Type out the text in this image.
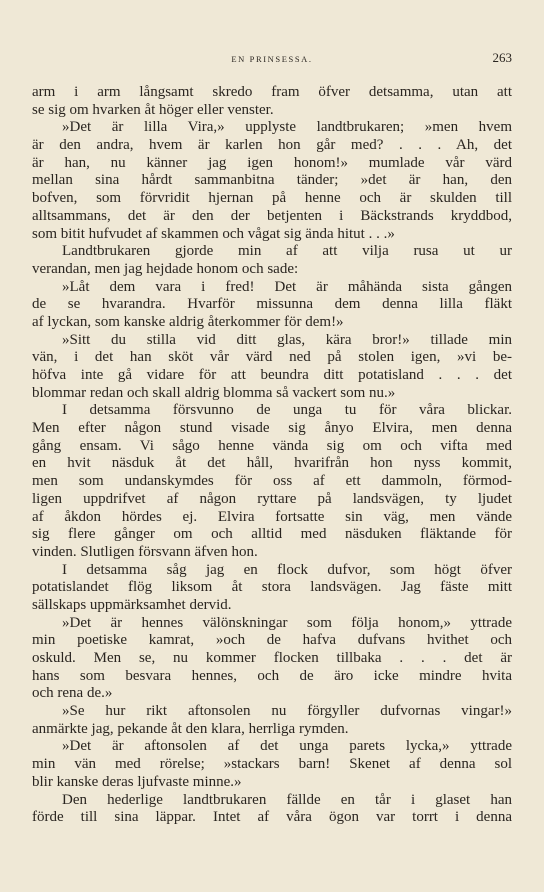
EN PRINSESSA.	263
arm i arm långsamt skredo fram öfver detsamma, utan att
se sig om hvarken åt höger eller venster.
»Det är lilla Vira,» upplyste landtbrukaren; »men hvem
är den andra, hvem är karlen hon går med? . . . Ah, det
är han, nu känner jag igen honom!» mumlade vår värd
mellan sina hårdt sammanbitna tänder; »det är han, den
bofven, som förvridit hjernan på henne och är skulden till
alltsammans, det är den der betjenten i Bäckstrands kryddbod,
som bitit hufvudet af skammen och vågat sig ända hitut . . .»
Landtbrukaren gjorde min af att vilja rusa ut ur
verandan, men jag hejdade honom och sade:
»Låt dem vara i fred! Det är måhända sista gången
de se hvarandra. Hvarför missunna dem denna lilla fläkt
af lyckan, som kanske aldrig återkommer för dem!»
»Sitt du stilla vid ditt glas, kära bror!» tillade min
vän, i det han sköt vår värd ned på stolen igen, »vi be-
höfva inte gå vidare för att beundra ditt potatisland . . . det
blommar redan och skall aldrig blomma så vackert som nu.»
I detsamma försvunno de unga tu för våra blickar.
Men efter någon stund visade sig ånyo Elvira, men denna
gång ensam. Vi sågo henne vända sig om och vifta med
en hvit näsduk åt det håll, hvarifrån hon nyss kommit,
men som undanskymdes för oss af ett dammoln, förmod-
ligen uppdrifvet af någon ryttare på landsvägen, ty ljudet
af åkdon hördes ej. Elvira fortsatte sin väg, men vände
sig flere gånger om och alltid med näsduken fläktande för
vinden. Slutligen försvann äfven hon.
I detsamma såg jag en flock dufvor, som högt öfver
potatislandet flög liksom åt stora landsvägen. Jag fäste mitt
sällskaps uppmärksamhet dervid.
»Det är hennes välönskningar som följa honom,» yttrade
min poetiske kamrat, »och de hafva dufvans hvithet och
oskuld. Men se, nu kommer flocken tillbaka . . . det är
hans som besvara hennes, och de äro icke mindre hvita
och rena de.»
»Se hur rikt aftonsolen nu förgyller dufvornas vingar!»
anmärkte jag, pekande åt den klara, herrliga rymden.
»Det är aftonsolen af det unga parets lycka,» yttrade
min vän med rörelse; »stackars barn! Skenet af denna sol
blir kanske deras ljufvaste minne.»
Den hederlige landtbrukaren fällde en tår i glaset han
förde till sina läppar. Intet af våra ögon var torrt i denna
